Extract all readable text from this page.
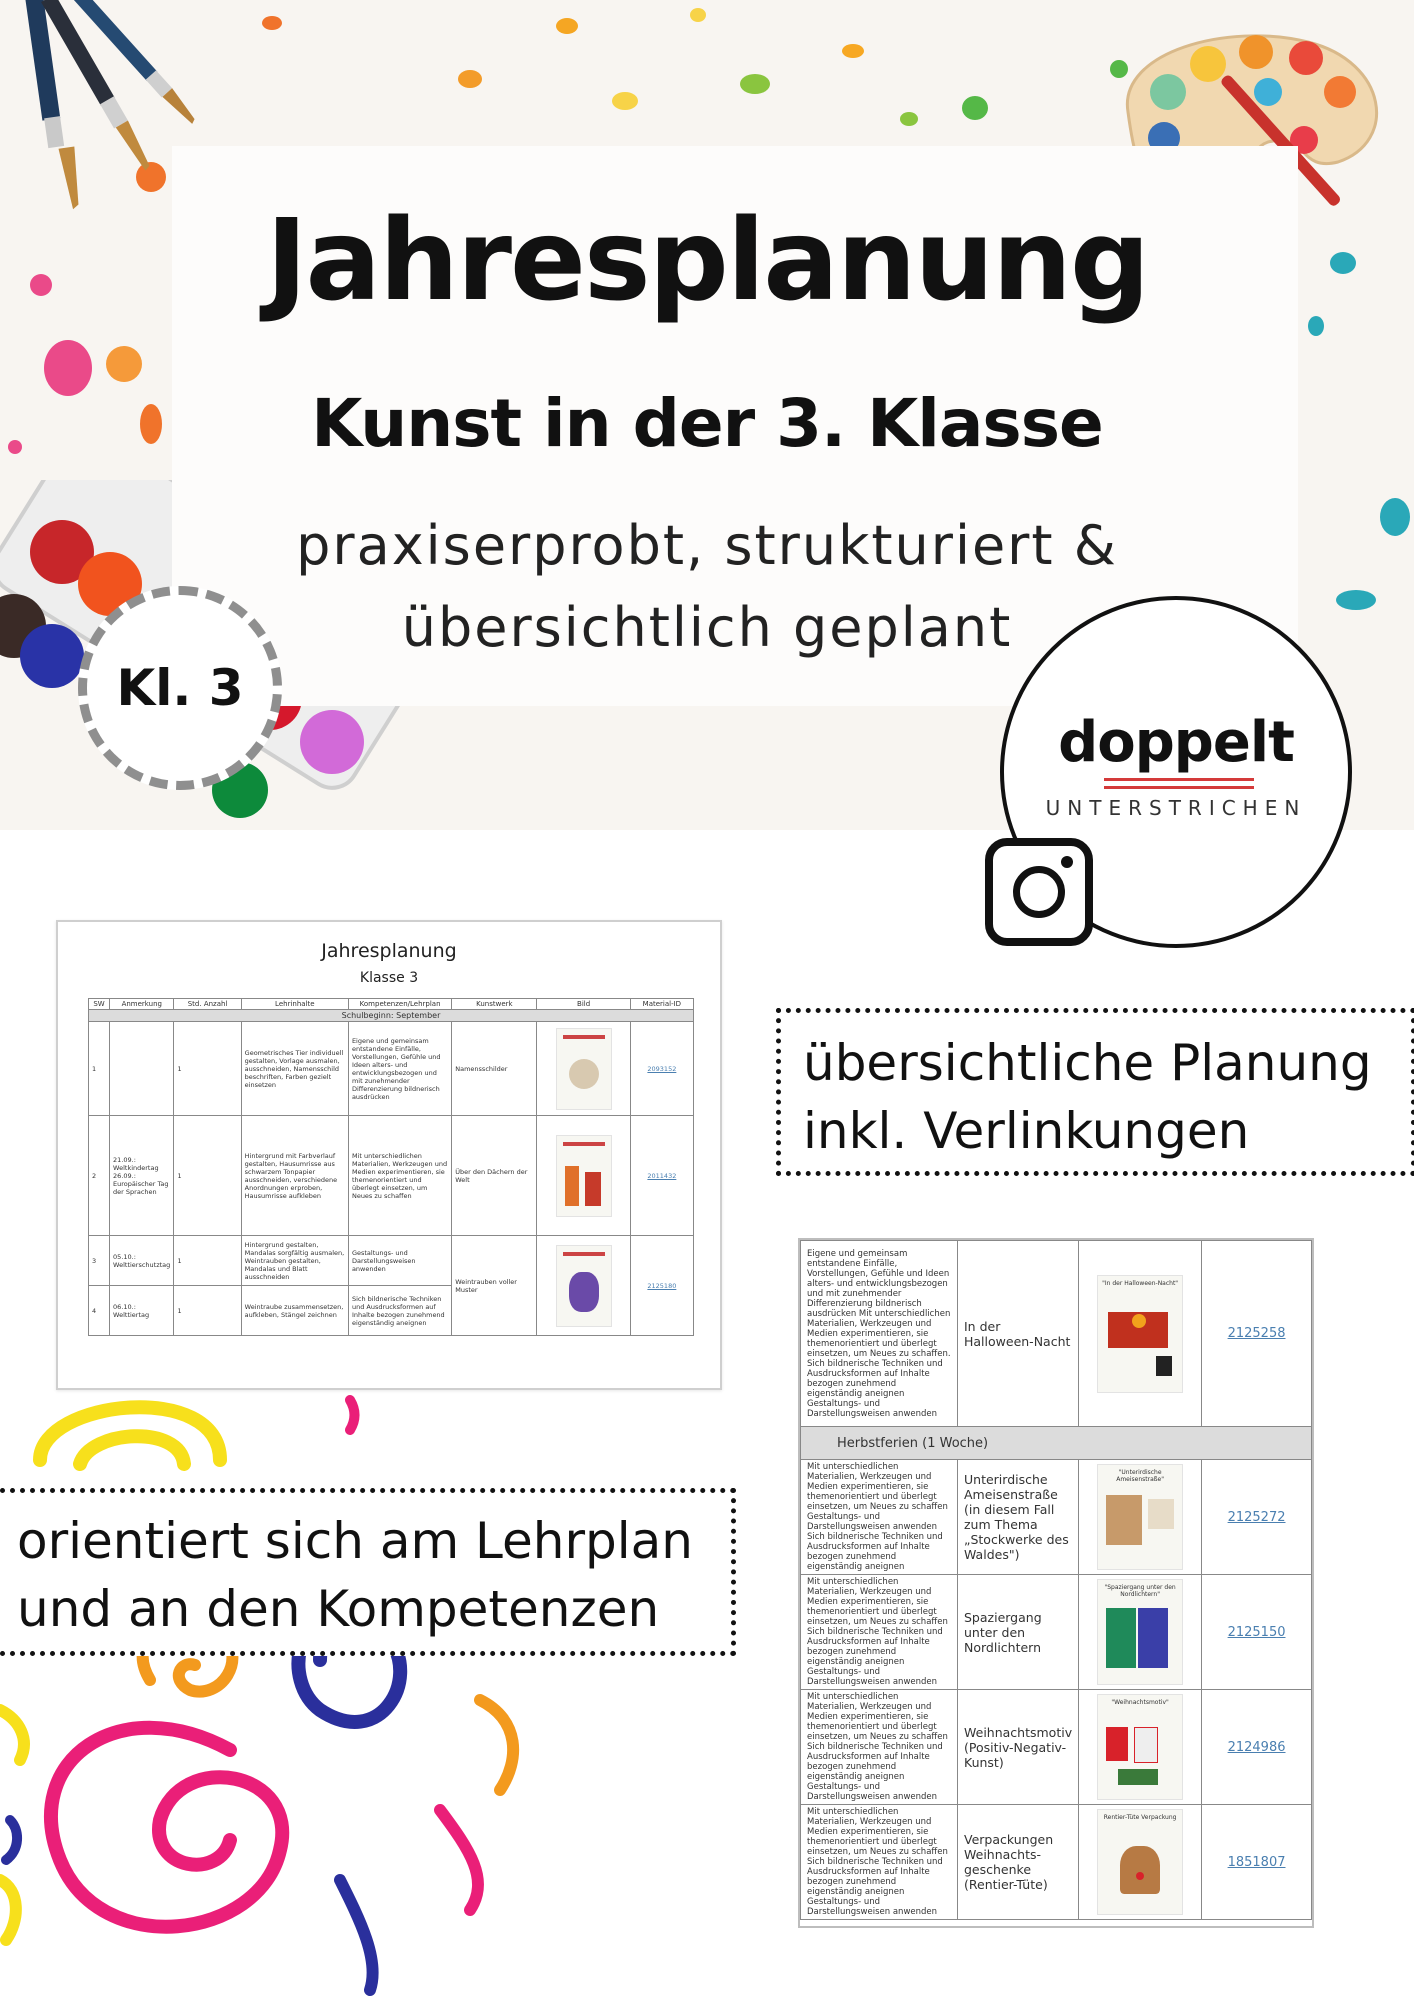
Jahresplanung
Kunst in der 3. Klasse
praxiserprobt, strukturiert &
übersichtlich geplant
Kl. 3
doppelt
UNTERSTRICHEN
Jahresplanung
Klasse 3
SW	Anmerkung	Std. Anzahl	Lehrinhalte	Kompetenzen/Lehrplan	Kunstwerk	Bild	Material-ID
Schulbeginn: September							
1		1	Geometrisches Tier individuell gestalten, Vorlage ausmalen, ausschneiden, Namensschild beschriften, Farben gezielt einsetzen	Eigene und gemeinsam entstandene Einfälle, Vorstellungen, Gefühle und Ideen alters- und entwicklungsbezogen und mit zunehmender Differenzierung bildnerisch ausdrücken	Namensschilder		2093152
2	21.09.: Weltkindertag 26.09.: Europäischer Tag der Sprachen	1	Hintergrund mit Farbverlauf gestalten, Hausumrisse aus schwarzem Tonpapier ausschneiden, verschiedene Anordnungen erproben, Hausumrisse aufkleben	Mit unterschiedlichen Materialien, Werkzeugen und Medien experimentieren, sie themenorientiert und überlegt einsetzen, um Neues zu schaffen	Über den Dächern der Welt		2011432
3	05.10.: Welttierschutztag	1	Hintergrund gestalten, Mandalas sorgfältig ausmalen, Weintrauben gestalten, Mandalas und Blatt ausschneiden	Gestaltungs- und Darstellungsweisen anwenden	Weintrauben voller Muster		2125180
4	06.10.: Welttiertag	1	Weintraube zusammensetzen, aufkleben, Stängel zeichnen	Sich bildnerische Techniken und Ausdrucksformen auf Inhalte bezogen zunehmend eigenständig aneignen			
übersichtliche Planung
inkl. Verlinkungen
orientiert sich am Lehrplan
und an den Kompetenzen
Eigene und gemeinsam entstandene Einfälle, Vorstellungen, Gefühle und Ideen alters- und entwicklungsbezogen und mit zunehmender Differenzierung bildnerisch ausdrücken Mit unterschiedlichen Materialien, Werkzeugen und Medien experimentieren, sie themenorientiert und überlegt einsetzen, um Neues zu schaffen. Sich bildnerische Techniken und Ausdrucksformen auf Inhalte bezogen zunehmend eigenständig aneignen Gestaltungs- und Darstellungsweisen anwenden	In der Halloween-Nacht	"In der Halloween-Nacht"	2125258
Herbstferien (1 Woche)			
Mit unterschiedlichen Materialien, Werkzeugen und Medien experimentieren, sie themenorientiert und überlegt einsetzen, um Neues zu schaffen Gestaltungs- und Darstellungsweisen anwenden Sich bildnerische Techniken und Ausdrucksformen auf Inhalte bezogen zunehmend eigenständig aneignen	Unterirdische Ameisenstraße (in diesem Fall zum Thema „Stockwerke des Waldes")	"Unterirdische Ameisenstraße"	2125272
Mit unterschiedlichen Materialien, Werkzeugen und Medien experimentieren, sie themenorientiert und überlegt einsetzen, um Neues zu schaffen Sich bildnerische Techniken und Ausdrucksformen auf Inhalte bezogen zunehmend eigenständig aneignen Gestaltungs- und Darstellungsweisen anwenden	Spaziergang unter den Nordlichtern	"Spaziergang unter den Nordlichtern"	2125150
Mit unterschiedlichen Materialien, Werkzeugen und Medien experimentieren, sie themenorientiert und überlegt einsetzen, um Neues zu schaffen Sich bildnerische Techniken und Ausdrucksformen auf Inhalte bezogen zunehmend eigenständig aneignen Gestaltungs- und Darstellungsweisen anwenden	Weihnachtsmotiv (Positiv-Negativ-Kunst)	"Weihnachtsmotiv"	2124986
Mit unterschiedlichen Materialien, Werkzeugen und Medien experimentieren, sie themenorientiert und überlegt einsetzen, um Neues zu schaffen Sich bildnerische Techniken und Ausdrucksformen auf Inhalte bezogen zunehmend eigenständig aneignen Gestaltungs- und Darstellungsweisen anwenden	Verpackungen Weihnachts-geschenke (Rentier-Tüte)	Rentier-Tüte Verpackung	1851807
